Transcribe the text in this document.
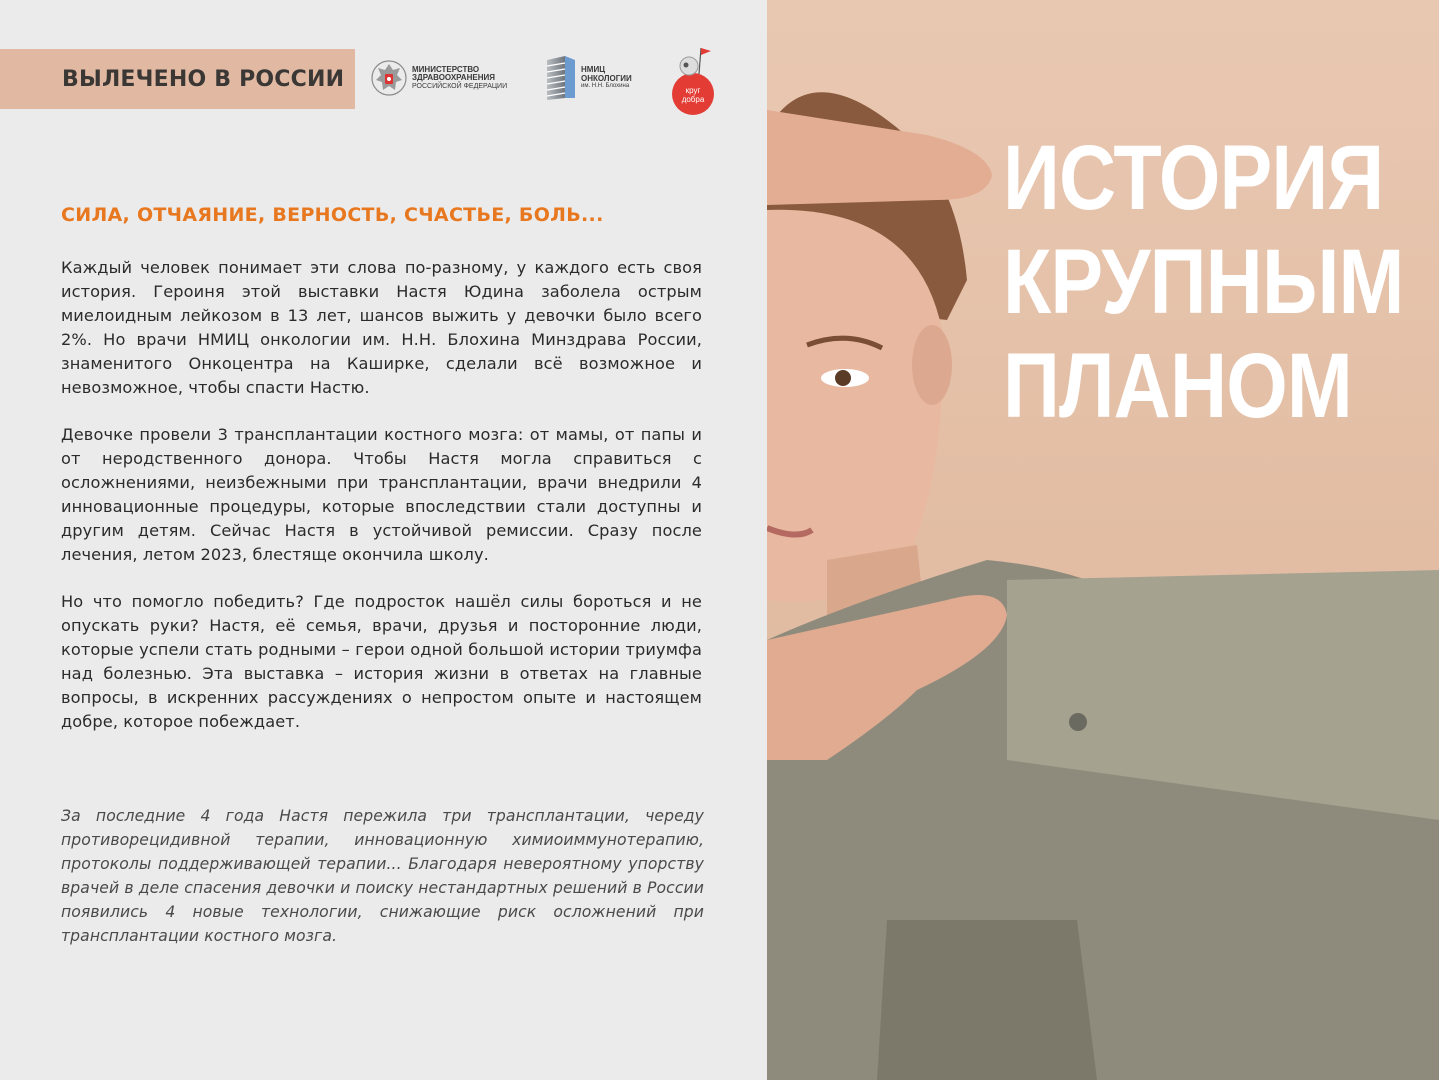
ВЫЛЕЧЕНО В РОССИИ	МИНИСТЕРСТВО
ЗДРАВООХРАНЕНИЯ
РОССИЙСКОЙ ФЕДЕРАЦИИ
НМИЦ
ОНКОЛОГИИ
им. Н.Н. Блохина	круг
добра
СИЛА, ОТЧАЯНИЕ, ВЕРНОСТЬ, СЧАСТЬЕ, БОЛЬ...

Каждый человек понимает эти слова по-разному, у каждого есть своя история. Героиня этой выставки Настя Юдина заболела острым миелоидным лейкозом в 13 лет, шансов выжить у девочки было всего 2%. Но врачи НМИЦ онкологии им. Н.Н. Блохина Минздрава России, знаменитого Онкоцентра на Каширке, сделали всё возможное и невозможное, чтобы спасти Настю.

Девочке провели 3 трансплантации костного мозга: от мамы, от папы и от неродственного донора. Чтобы Настя могла справиться с осложнениями, неизбежными при трансплантации, врачи внедрили 4 инновационные процедуры, которые впоследствии стали доступны и другим детям. Сейчас Настя в устойчивой ремиссии. Сразу после лечения, летом 2023, блестяще окончила школу.

Но что помогло победить? Где подросток нашёл силы бороться и не опускать руки? Настя, её семья, врачи, друзья и посторонние люди, которые успели стать родными – герои одной большой истории триумфа над болезнью. Эта выставка – история жизни в ответах на главные вопросы, в искренних рассуждениях о непростом опыте и настоящем добре, которое побеждает.

За последние 4 года Настя пережила три трансплантации, череду противорецидивной терапии, инновационную химиоиммунотерапию, протоколы поддерживающей терапии... Благодаря невероятному упорству врачей в деле спасения девочки и поиску нестандартных решений в России появились 4 новые технологии, снижающие риск осложнений при трансплантации костного мозга.

ИСТОРИЯ
КРУПНЫМ
ПЛАНОМ
